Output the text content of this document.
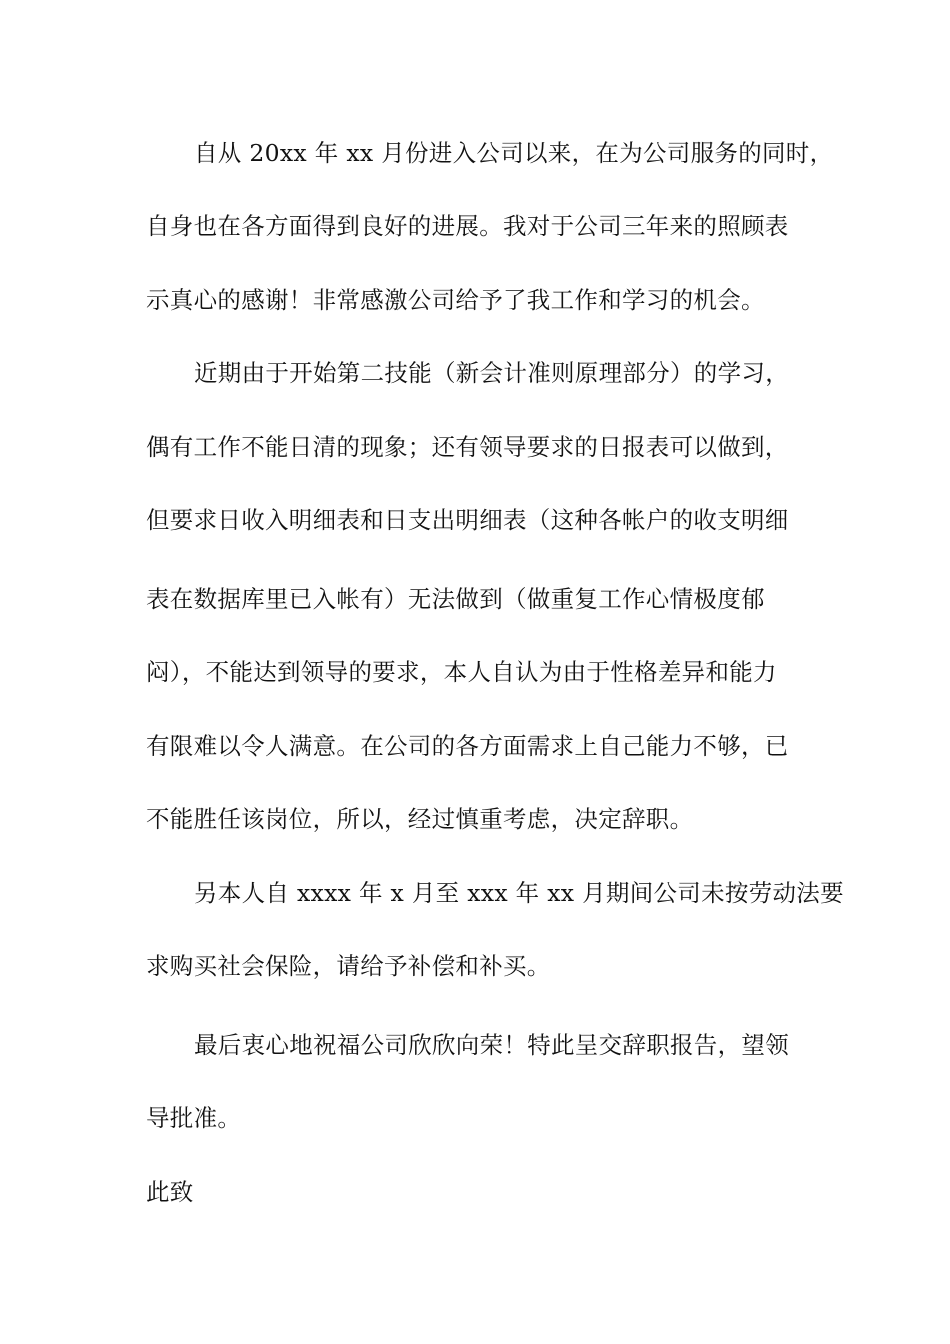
自从 20xx 年 xx 月份进入公司以来，在为公司服务的同时，
自身也在各方面得到良好的进展。我对于公司三年来的照顾表
示真心的感谢！非常感激公司给予了我工作和学习的机会。
近期由于开始第二技能（新会计准则原理部分）的学习，
偶有工作不能日清的现象；还有领导要求的日报表可以做到，
但要求日收入明细表和日支出明细表（这种各帐户的收支明细
表在数据库里已入帐有）无法做到（做重复工作心情极度郁
闷），不能达到领导的要求，本人自认为由于性格差异和能力
有限难以令人满意。在公司的各方面需求上自己能力不够，已
不能胜任该岗位，所以，经过慎重考虑，决定辞职。
另本人自 xxxx 年 x 月至 xxx 年 xx 月期间公司未按劳动法要
求购买社会保险，请给予补偿和补买。
最后衷心地祝福公司欣欣向荣！特此呈交辞职报告，望领
导批准。
此致
